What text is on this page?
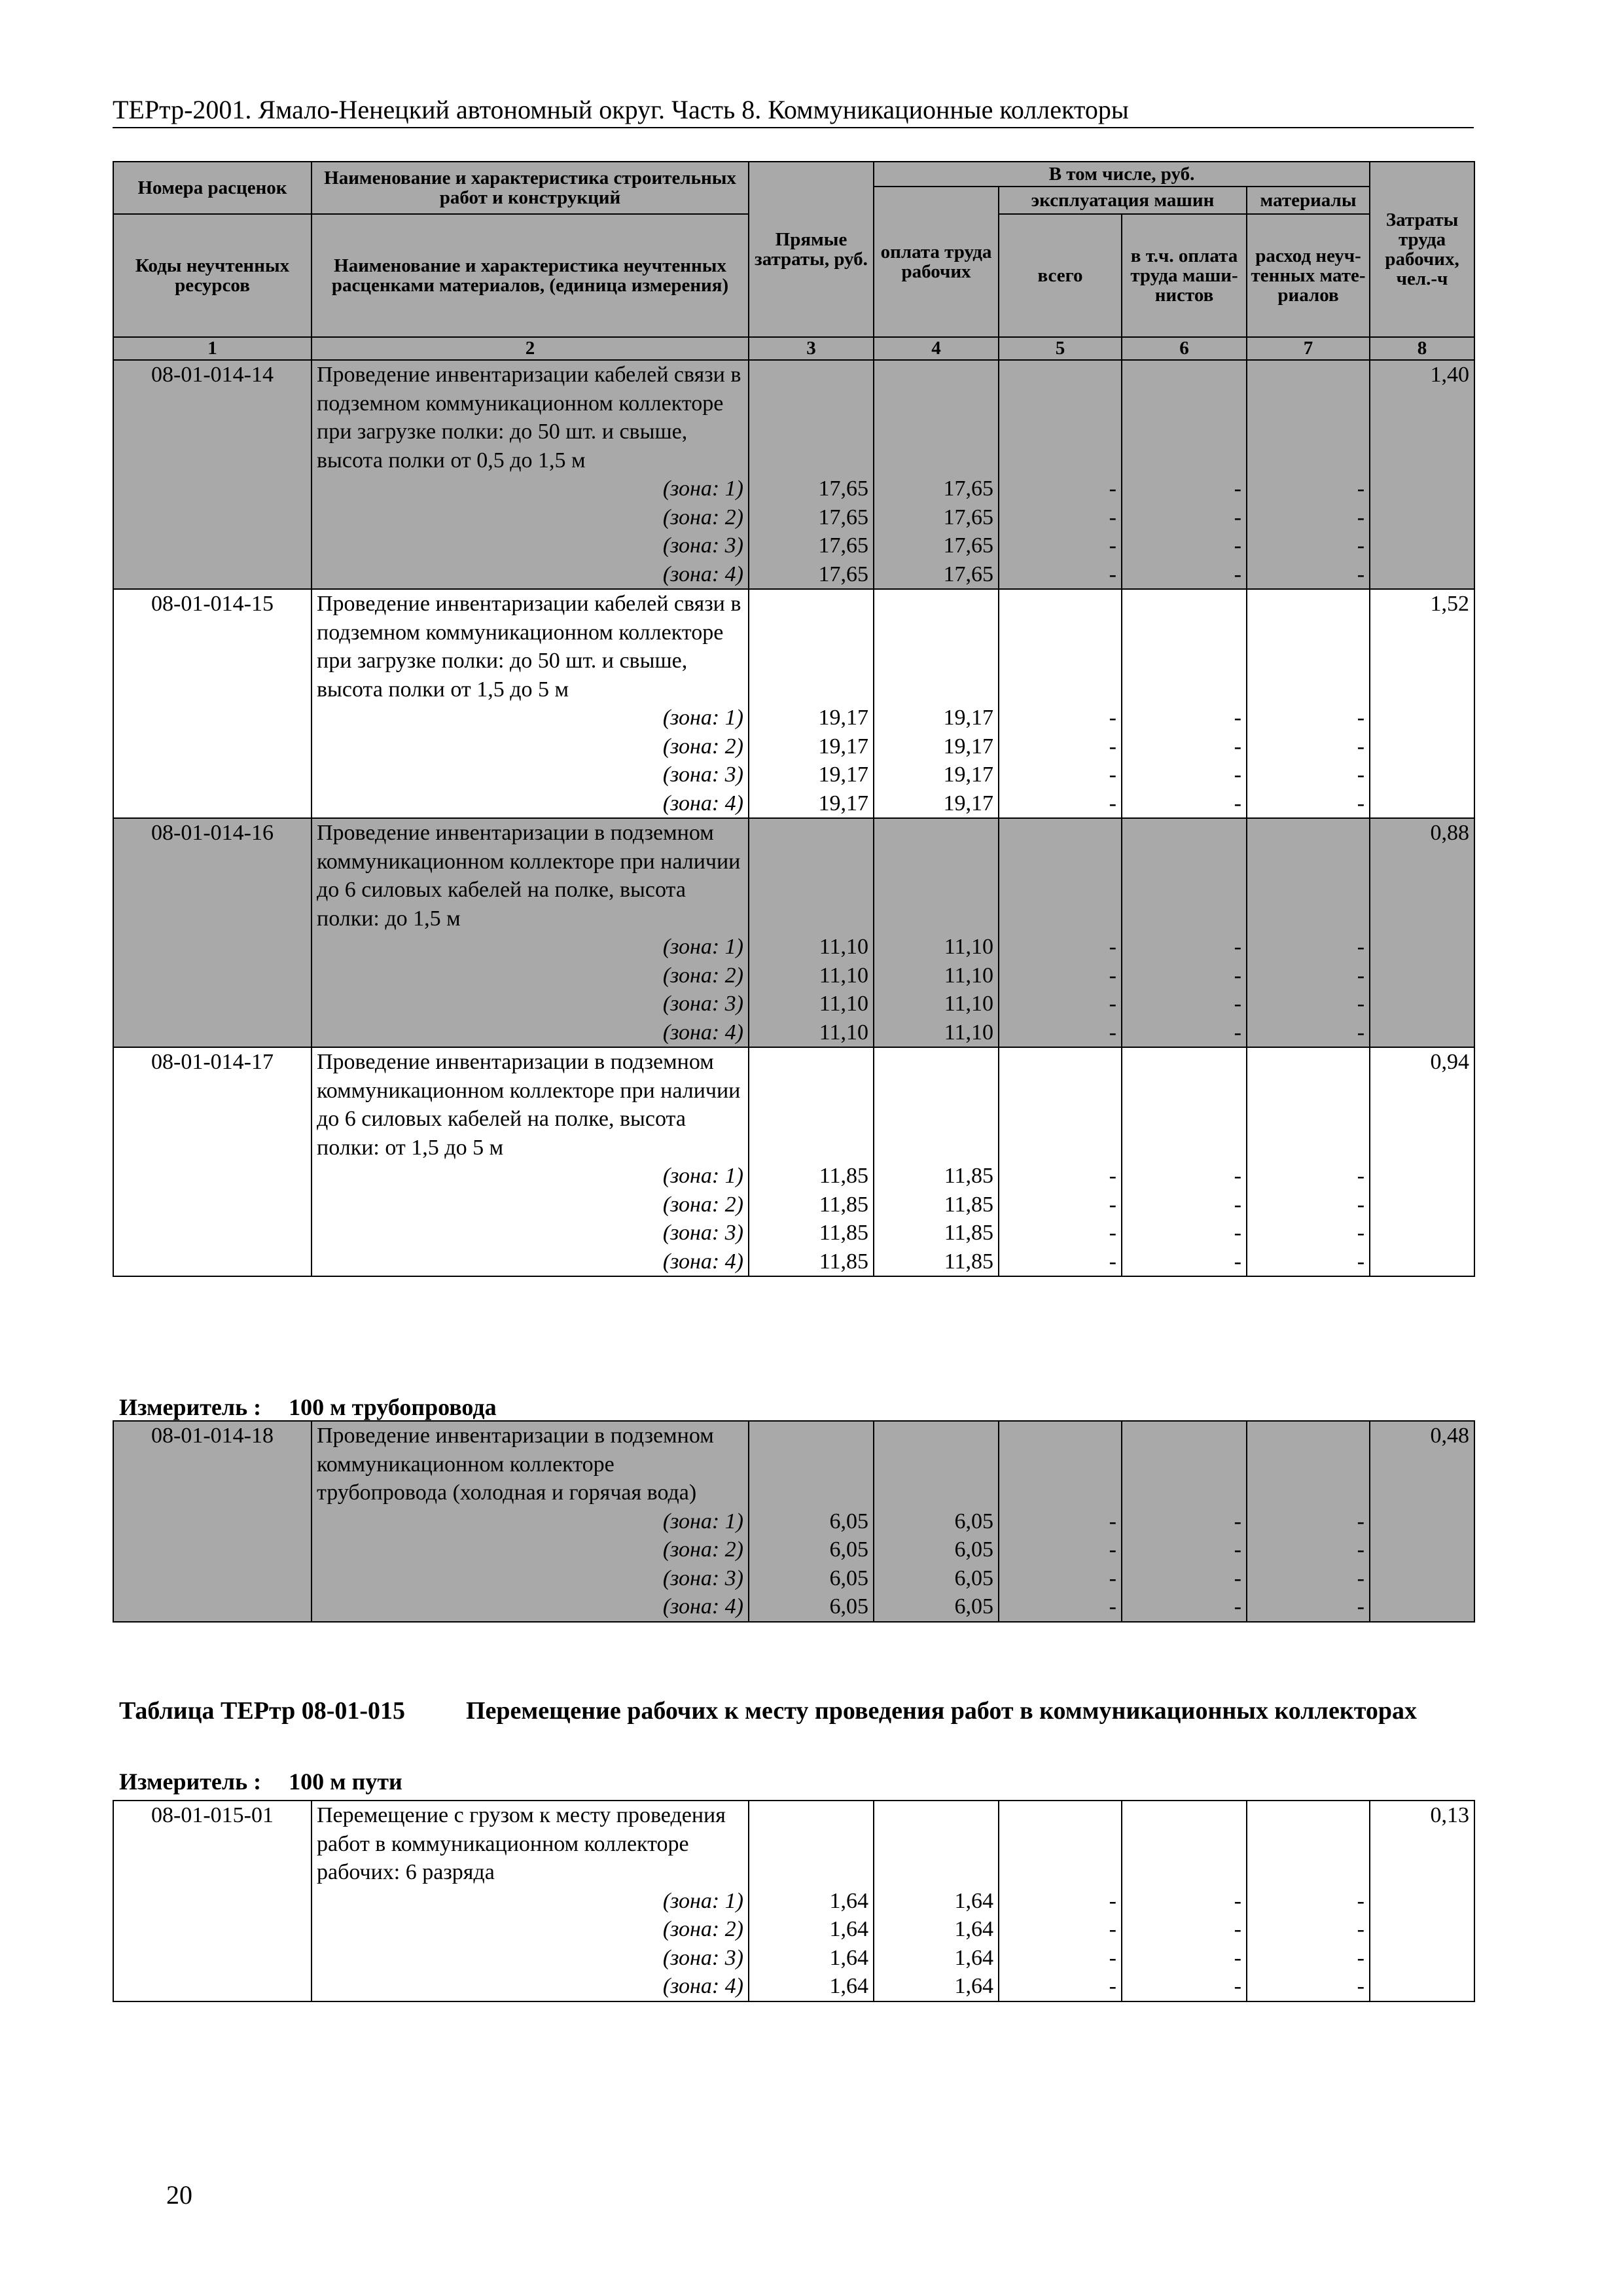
ТЕРтр-2001. Ямало-Ненецкий автономный округ. Часть 8. Коммуникационные коллекторы
Номера расценок	Наименование и характеристика строительных работ и конструкций	Прямые затраты, руб.	В том числе, руб.				Затраты труда рабочих, чел.-ч
			оплата труда рабочих	эксплуатация машин		материалы	
Коды неучтенных ресурсов	Наименование и характеристика неучтенных расценками материалов, (единица измерения)			всего	в т.ч. оплата труда маши-нистов	расход неуч-тенных мате-риалов	

1	2	3	4	5	6	7	8
08-01-014-14	Проведение инвентаризации кабелей связи в подземном коммуникационном коллекторе при загрузке полки: до 50 шт. и свыше, высота полки от 0,5 до 1,5 м						1,40
	(зона: 1)	17,65	17,65	-	-	-	
	(зона: 2)	17,65	17,65	-	-	-	
	(зона: 3)	17,65	17,65	-	-	-	
	(зона: 4)	17,65	17,65	-	-	-	
08-01-014-15	Проведение инвентаризации кабелей связи в подземном коммуникационном коллекторе при загрузке полки: до 50 шт. и свыше, высота полки от 1,5 до 5 м						1,52
	(зона: 1)	19,17	19,17	-	-	-	
	(зона: 2)	19,17	19,17	-	-	-	
	(зона: 3)	19,17	19,17	-	-	-	
	(зона: 4)	19,17	19,17	-	-	-	
08-01-014-16	Проведение инвентаризации в подземном коммуникационном коллекторе при наличии до 6 силовых кабелей на полке, высота полки: до 1,5 м						0,88
	(зона: 1)	11,10	11,10	-	-	-	
	(зона: 2)	11,10	11,10	-	-	-	
	(зона: 3)	11,10	11,10	-	-	-	
	(зона: 4)	11,10	11,10	-	-	-	
08-01-014-17	Проведение инвентаризации в подземном коммуникационном коллекторе при наличии до 6 силовых кабелей на полке, высота полки: от 1,5 до 5 м						0,94
	(зона: 1)	11,85	11,85	-	-	-	
	(зона: 2)	11,85	11,85	-	-	-	
	(зона: 3)	11,85	11,85	-	-	-	
	(зона: 4)	11,85	11,85	-	-	-	
Измеритель : 100 м трубопровода
08-01-014-18	Проведение инвентаризации в подземном коммуникационном коллекторе трубопровода (холодная и горячая вода)						0,48
	(зона: 1)	6,05	6,05	-	-	-	
	(зона: 2)	6,05	6,05	-	-	-	
	(зона: 3)	6,05	6,05	-	-	-	
	(зона: 4)	6,05	6,05	-	-	-	
Таблица ТЕРтр 08-01-015 Перемещение рабочих к месту проведения работ в коммуникационных коллекторах
Измеритель : 100 м пути
08-01-015-01	Перемещение с грузом к месту проведения работ в коммуникационном коллекторе рабочих: 6 разряда						0,13
	(зона: 1)	1,64	1,64	-	-	-	
	(зона: 2)	1,64	1,64	-	-	-	
	(зона: 3)	1,64	1,64	-	-	-	
	(зона: 4)	1,64	1,64	-	-	-	
20
